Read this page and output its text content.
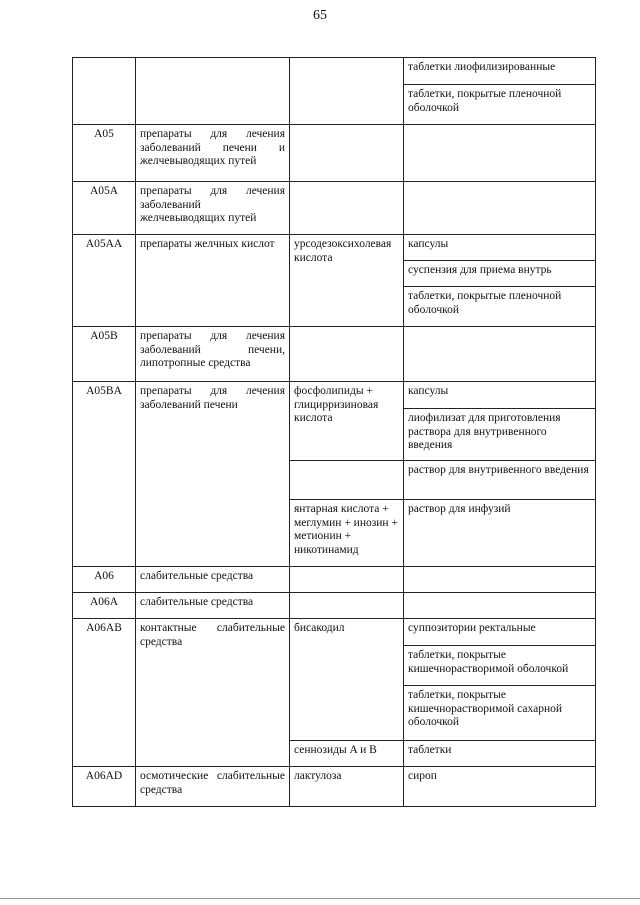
65
			таблетки лиофилизированные
			таблетки, покрытые пленочной оболочкой
A05	препараты для лечения заболеваний печени и желчевыводящих путей		
A05A	препараты для лечения заболеваний желчевыводящих путей		
A05AA	препараты желчных кислот	урсодезоксихолевая кислота	капсулы
			суспензия для приема внутрь
			таблетки, покрытые пленочной оболочкой
A05B	препараты для лечения заболеваний печени, липотропные средства		
A05BA	препараты для лечения заболеваний печени	фосфолипиды + глицирризиновая кислота	капсулы
			лиофилизат для приготовления раствора для внутривенного введения
			раствор для внутривенного введения
		янтарная кислота + меглумин + инозин + метионин + никотинамид	раствор для инфузий
A06	слабительные средства		
A06A	слабительные средства		
A06AB	контактные слабительные средства	бисакодил	суппозитории ректальные
			таблетки, покрытые кишечнорастворимой оболочкой
			таблетки, покрытые кишечнорастворимой сахарной оболочкой
		сеннозиды A и B	таблетки
A06AD	осмотические слабительные средства	лактулоза	сироп
